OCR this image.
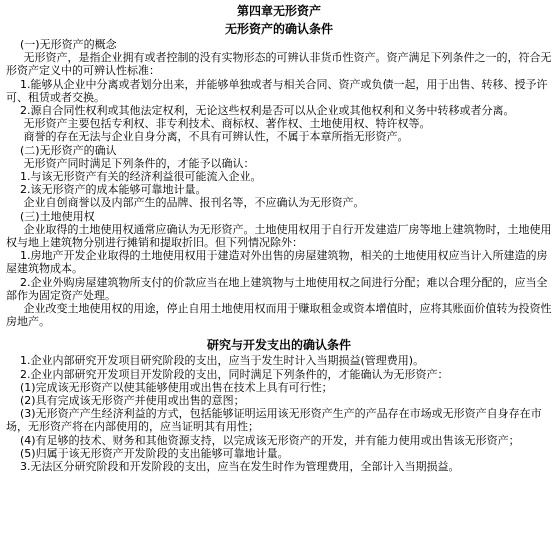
第四章无形资产
无形资产的确认条件

(一)无形资产的概念

无形资产，是指企业拥有或者控制的没有实物形态的可辨认非货币性资产。资产满足下列条件之一的，符合无形资产定义中的可辨认性标准：

1.能够从企业中分离或者划分出来，并能够单独或者与相关合同、资产或负债一起，用于出售、转移、授予许可、租赁或者交换。

2.源自合同性权利或其他法定权利，无论这些权利是否可以从企业或其他权利和义务中转移或者分离。

无形资产主要包括专利权、非专利技术、商标权、著作权、土地使用权、特许权等。

商誉的存在无法与企业自身分离，不具有可辨认性，不属于本章所指无形资产。

(二)无形资产的确认

无形资产同时满足下列条件的，才能予以确认：

1.与该无形资产有关的经济利益很可能流入企业。

2.该无形资产的成本能够可靠地计量。

企业自创商誉以及内部产生的品牌、报刊名等，不应确认为无形资产。

(三)土地使用权

企业取得的土地使用权通常应确认为无形资产。土地使用权用于自行开发建造厂房等地上建筑物时，土地使用权与地上建筑物分别进行摊销和提取折旧。但下列情况除外：

1.房地产开发企业取得的土地使用权用于建造对外出售的房屋建筑物，相关的土地使用权应当计入所建造的房屋建筑物成本。

2.企业外购房屋建筑物所支付的价款应当在地上建筑物与土地使用权之间进行分配；难以合理分配的，应当全部作为固定资产处理。

企业改变土地使用权的用途，停止自用土地使用权而用于赚取租金或资本增值时，应将其账面价值转为投资性房地产。

研究与开发支出的确认条件

1.企业内部研究开发项目研究阶段的支出，应当于发生时计入当期损益(管理费用)。

2.企业内部研究开发项目开发阶段的支出，同时满足下列条件的，才能确认为无形资产：

(1)完成该无形资产以使其能够使用或出售在技术上具有可行性；

(2)具有完成该无形资产并使用或出售的意图；

(3)无形资产产生经济利益的方式，包括能够证明运用该无形资产生产的产品存在市场或无形资产自身存在市场，无形资产将在内部使用的，应当证明其有用性；

(4)有足够的技术、财务和其他资源支持，以完成该无形资产的开发，并有能力使用或出售该无形资产；

(5)归属于该无形资产开发阶段的支出能够可靠地计量。

3.无法区分研究阶段和开发阶段的支出，应当在发生时作为管理费用，全部计入当期损益。
